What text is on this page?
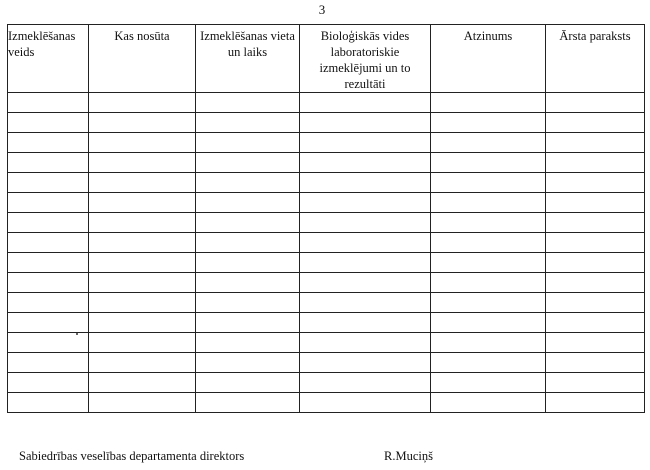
3
Izmeklēšanas veids	Kas nosūta	Izmeklēšanas vieta un laiks	Bioloģiskās vides laboratoriskie izmeklējumi un to rezultāti	Atzinums	Ārsta paraksts

Sabiedrības veselības departamenta direktors	R.Muciņš
